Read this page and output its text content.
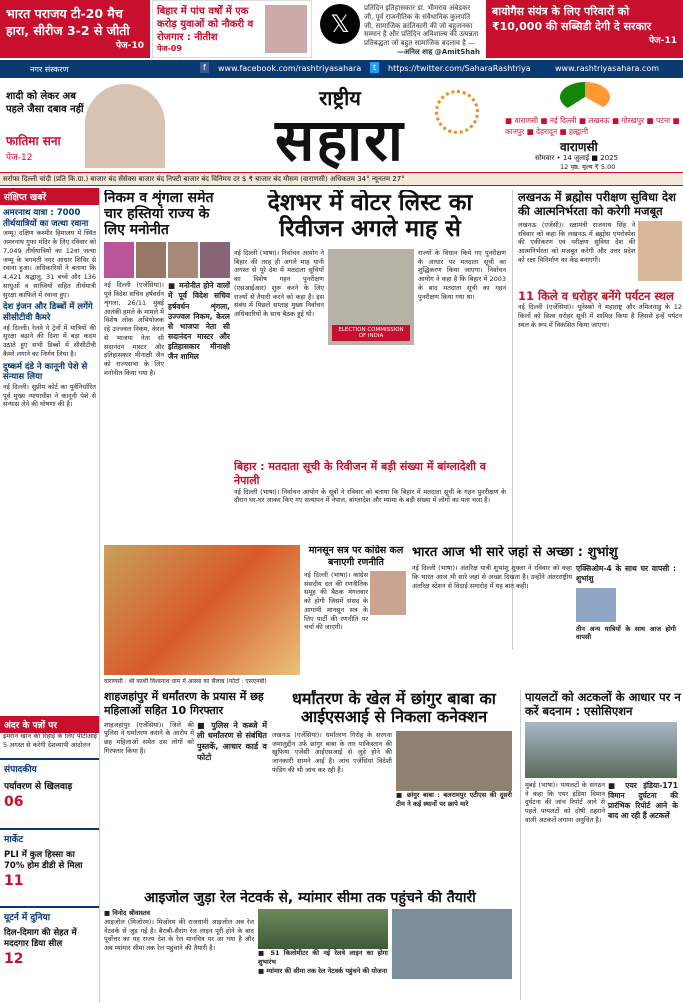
भारत पराजय टी-20 मैच हारा, सीरीज 3-2 से जीती
पेज-10
बिहार में पांच वर्षों में एक करोड़ युवाओं को नौकरी व रोजगार : नीतीश
पेज-09
𝕏
प्रतिदिन इतिहासकार डा. भीमराव अंबेडकर जी, पूर्व राजनीतिक के संवैधानिक कुलपति जी, सामाजिक क्रांतिकारी की जो बहुजनका सम्मान है और प्रतिदिन अविशाल्य की उत्पन्नता प्रतिबद्धता जो बहुत सामाजिक बदलाव है —
—अनिल शाह @AmitShah
बायोगैस संयंत्र के लिए परिवारों को ₹10,000 की सब्सिडी देगी दे सरकार
पेज-11
नगर संस्करण	f	www.facebook.com/rashtriyasahara	t	https://twitter.com/SaharaRashtriya	www.rashtriyasahara.com
शादी को लेकर अब पहले जैसा दबाव नहीं
फातिमा सना
पेज-12
राष्ट्रीय
सहारा	■ वाराणसी ■ नई दिल्ली ■ लखनऊ ■ गोरखपुर ■ पटना ■ कानपुर ■ देहरादून ■ हल्द्वानी
वाराणसी
सोमवार • 14 जुलाई ■ 2025
12 पृष्ठ, मूल्य ₹ 5.00
सर्राफा दिल्ली चांदी (प्रति कि.ग्रा.) बाजार बंद सेंसेक्स बाजार बंद निफ्टी बाजार बंद विनिमय दर $ ₹ बाजार बंद मौसम (वाराणसी) अधिकतम 34° न्यूनतम 27°
संक्षिप्त खबरें
अमरनाथ यात्रा : 7000 तीर्थयात्रियों का जत्था रवाना
जम्मू। दक्षिण कश्मीर हिमालय में स्थित अमरनाथ गुफा मंदिर के लिए रविवार को 7,049 तीर्थयात्रियों का 12वां जत्था जम्मू के भगवती नगर आधार शिविर से रवाना हुआ। अधिकारियों ने बताया कि 4,421 श्रद्धालु, 31 बच्चे और 136 साधुओं व साध्वियों सहित तीर्थयात्री सुरक्षा काफिले में रवाना हुए।
देश इंजन और डिब्बों में लगेंगे सीसीटीवी कैमरे
नई दिल्ली। रेलवे ने ट्रेनों में यात्रियों की सुरक्षा बढ़ाने की दिशा में बड़ा कदम उठाते हुए सभी डिब्बों में सीसीटीवी कैमरे लगाने का निर्णय लिया है।
दुष्कर्म दंडे ने कानूनी पेशे से संन्यास लिया
नई दिल्ली। सुप्रीम कोर्ट का पूर्वनिर्धारित पूर्व मुख्य न्यायाधीश ने कानूनी पेशे से संन्यास लेने की घोषणा की है।
अंदर के पन्नों पर
इमरान खान की रिहाई के लिए पीटीआई 5 अगस्त से करेगी देशव्यापी आंदोलन
संपादकीय
पर्यावरण से खिलवाड़
06
मार्केट
PLI में कुल हिस्सा का 70% होम डीडी से मिला
11
यूटर्न में दुनिया
दिल-दिमाग की सेहत में मददगार डिया सील
12
निकम व शृंगला समेत चार हस्तियां राज्य के लिए मनोनीत
नई दिल्ली (एजेंसियां)। पूर्व विदेश सचिव हर्षवर्धन शृंगला, 26/11 मुंबई आतंकी हमले के मामले में विशेष लोक अभियोजक रहे उज्ज्वल निकम, केरल से भाजपा नेता सी सदानंदन मास्टर और इतिहासकार मीनाक्षी जैन को राज्यसभा के लिए मनोनीत किया गया है।
■ मनोनीत होने वालों में पूर्व विदेश सचिव हर्षवर्धन शृंगला, उज्ज्वल निकम, केरल से भाजपा नेता सी सदानंदन मास्टर और इतिहासकार मीनाक्षी जैन शामिल
देशभर में वोटर लिस्ट का रिवीजन अगले माह से
नई दिल्ली (भाषा)। निर्वाचन आयोग ने बिहार की तरह ही अगले माह यानी अगस्त से पूरे देश में मतदाता सूचियों का विशेष गहन पुनरीक्षण (एसआईआर) शुरू करने के लिए राज्यों से तैयारी करने को कहा है। इस संबंध में पिछले सप्ताह मुख्य निर्वाचन अधिकारियों के साथ बैठक हुई थी।
ELECTION COMMISSION OF INDIA
राज्यों के विधान किये गए पुनरीक्षण के आधार पर मतदाता सूची का शुद्धिकरण किया जाएगा। निर्वाचन आयोग ने कहा है कि बिहार में 2003 के बाद मतदाता सूची का गहन पुनरीक्षण किया गया था।
बिहार : मतदाता सूची के रिवीजन में बड़ी संख्या में बांग्लादेशी व नेपाली
नई दिल्ली (भाषा)। निर्वाचन आयोग के सूत्रों ने रविवार को बताया कि बिहार में मतदाता सूची के गहन पुनरीक्षण के दौरान घर-घर जाकर किए गए सत्यापन में नेपाल, बांग्लादेश और म्यांमा के बड़ी संख्या में लोगों का पता चला है।
लखनऊ में ब्रह्मोस परीक्षण सुविधा देश की आत्मनिर्भरता को करेगी मजबूत
लखनऊ (एजेंसी)। रक्षामंत्री राजनाथ सिंह ने रविवार को कहा कि लखनऊ में ब्रह्मोस एयरोस्पेस की एकीकरण एवं परीक्षण सुविधा देश की आत्मनिर्भरता को मजबूत करेगी और उत्तर प्रदेश को रक्षा विनिर्माण का केंद्र बनाएगी।
11 किले व धरोहर बनेंगे पर्यटन स्थल
नई दिल्ली (एजेंसियां)। यूनेस्को ने महाराष्ट्र और तमिलनाडु के 12 किलों को विश्व धरोहर सूची में शामिल किया है जिससे इन्हें पर्यटन स्थल के रूप में विकसित किया जाएगा।
वाराणसी : श्री काशी विश्वनाथ धाम में आस्था का सैलाब (फोटो : एसएनबी)
मानसून सत्र पर कांग्रेस कल बनाएगी रणनीति
नई दिल्ली (भाषा)। कांग्रेस संसदीय दल की रणनीतिक समूह की बैठक मंगलवार को होगी जिसमें संसद के आगामी मानसून सत्र के लिए पार्टी की रणनीति पर चर्चा की जाएगी।
भारत आज भी सारे जहां से अच्छा : शुभांशु
नई दिल्ली (भाषा)। अंतरिक्ष यात्री शुभांशु शुक्ला ने रविवार को कहा कि भारत आज भी सारे जहां से अच्छा दिखता है। उन्होंने अंतरराष्ट्रीय अंतरिक्ष स्टेशन से विदाई समारोह में यह बात कही।
एक्सिओम-4 के साथ घर वापसी : शुभांशु
तीन अन्य यात्रियों के साथ आज होगी वापसी
शाहजहांपुर में धर्मांतरण के प्रयास में छह महिलाओं सहित 10 गिरफ्तार
शाहजहांपुर (एजेंसियां)। जिले की पुलिस ने धर्मांतरण कराने के आरोप में छह महिलाओं समेत दस लोगों को गिरफ्तार किया है।
■ पुलिस ने कब्जे में ली धर्मांतरण से संबंधित पुस्तकें, आधार कार्ड व फोटो
धर्मांतरण के खेल में छांगुर बाबा का आईएसआई से निकला कनेक्शन
लखनऊ (एजेंसियां)। धर्मांतरण गिरोह के सरगना जमालुद्दीन उर्फ छांगुर बाबा के तार पाकिस्तान की खुफिया एजेंसी आईएसआई से जुड़े होने की जानकारी सामने आई है। जांच एजेंसियां विदेशी फंडिंग की भी जांच कर रही हैं।
■ छांगुर बाबा : बलरामपुर एटीएस की दूसरी टीम ने कई स्थानों पर छापे मारे
पायलटों को अटकलों के आधार पर न करें बदनाम : एसोसिएशन
मुंबई (भाषा)। पायलटों के संगठन ने कहा कि एयर इंडिया विमान दुर्घटना की जांच रिपोर्ट आने से पहले पायलटों को दोषी ठहराने वाली अटकलें लगाना अनुचित है।
■ एयर इंडिया-171 विमान दुर्घटना की प्रारंभिक रिपोर्ट आने के बाद आ रही हैं अटकलें
आइजोल जुड़ा रेल नेटवर्क से, म्यांमार सीमा तक पहुंचने की तैयारी
■ विनोद श्रीवास्तव
आइजोल (मिजोरम)। मिजोरम की राजधानी आइजोल अब रेल नेटवर्क से जुड़ गई है। बैराबी-सैरांग रेल लाइन पूरी होने के बाद पूर्वोत्तर का यह राज्य देश के रेल मानचित्र पर आ गया है और अब म्यांमार सीमा तक रेल पहुंचाने की तैयारी है।
■ 51 किलोमीटर की नई रेलवे लाइन का होगा शुभारंभ
■ म्यांमार की सीमा तक रेल नेटवर्क पहुंचने की योजना
